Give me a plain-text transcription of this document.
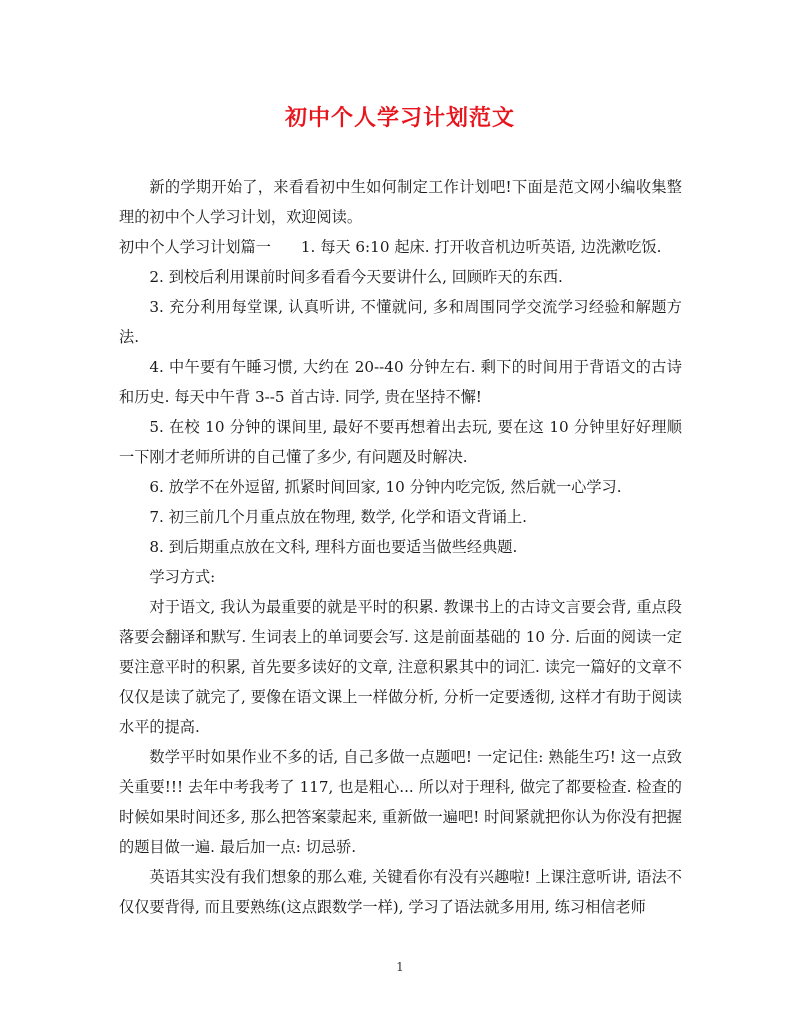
初中个人学习计划范文

新的学期开始了，来看看初中生如何制定工作计划吧!下面是范文网小编收集整理的初中个人学习计划，欢迎阅读。

初中个人学习计划篇一 1. 每天 6:10 起床. 打开收音机边听英语, 边洗漱吃饭.

2. 到校后利用课前时间多看看今天要讲什么, 回顾昨天的东西.

3. 充分利用每堂课, 认真听讲, 不懂就问, 多和周围同学交流学习经验和解题方法.

4. 中午要有午睡习惯, 大约在 20--40 分钟左右. 剩下的时间用于背语文的古诗和历史. 每天中午背 3--5 首古诗. 同学, 贵在坚持不懈!

5. 在校 10 分钟的课间里, 最好不要再想着出去玩, 要在这 10 分钟里好好理顺一下刚才老师所讲的自己懂了多少, 有问题及时解决.

6. 放学不在外逗留, 抓紧时间回家, 10 分钟内吃完饭, 然后就一心学习.

7. 初三前几个月重点放在物理, 数学, 化学和语文背诵上.

8. 到后期重点放在文科, 理科方面也要适当做些经典题.

学习方式:

对于语文, 我认为最重要的就是平时的积累. 教课书上的古诗文言要会背, 重点段落要会翻译和默写. 生词表上的单词要会写. 这是前面基础的 10 分. 后面的阅读一定要注意平时的积累, 首先要多读好的文章, 注意积累其中的词汇. 读完一篇好的文章不仅仅是读了就完了, 要像在语文课上一样做分析, 分析一定要透彻, 这样才有助于阅读水平的提高.

数学平时如果作业不多的话, 自己多做一点题吧! 一定记住: 熟能生巧! 这一点致关重要!!! 去年中考我考了 117, 也是粗心... 所以对于理科, 做完了都要检查. 检查的时候如果时间还多, 那么把答案蒙起来, 重新做一遍吧! 时间紧就把你认为你没有把握的题目做一遍. 最后加一点: 切忌骄.

英语其实没有我们想象的那么难, 关键看你有没有兴趣啦! 上课注意听讲, 语法不仅仅要背得, 而且要熟练(这点跟数学一样), 学习了语法就多用用, 练习相信老师

1
